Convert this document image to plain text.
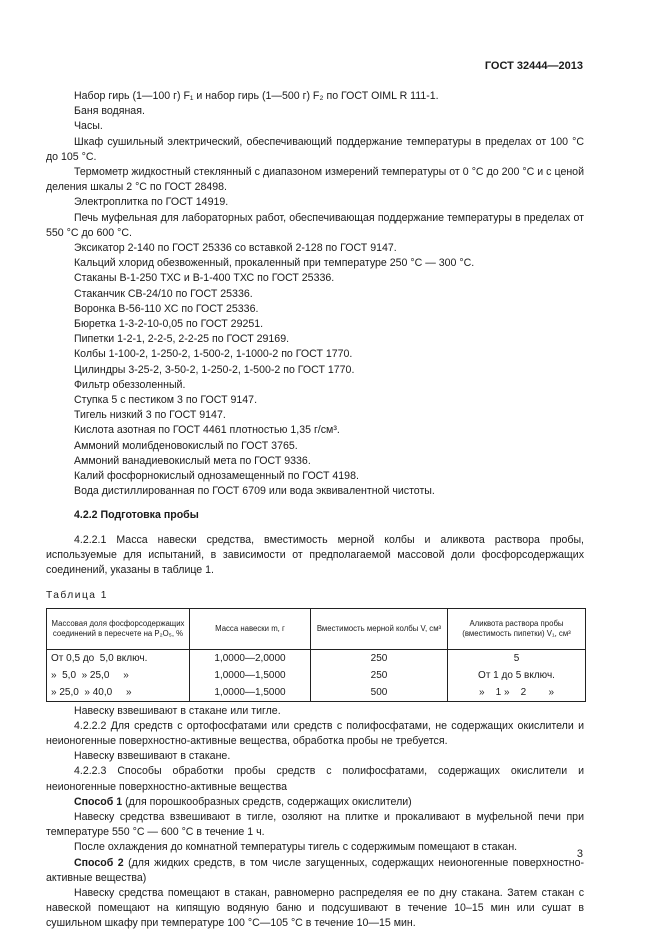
ГОСТ 32444—2013

Набор гирь (1—100 г) F₁ и набор гирь (1—500 г) F₂ по ГОСТ OIML R 111-1.

Баня водяная.

Часы.

Шкаф сушильный электрический, обеспечивающий поддержание температуры в пределах от 100 °С до 105 °С.

Термометр жидкостный стеклянный с диапазоном измерений температуры от 0 °С до 200 °С и с ценой деления шкалы 2 °С по ГОСТ 28498.

Электроплитка по ГОСТ 14919.

Печь муфельная для лабораторных работ, обеспечивающая поддержание температуры в пределах от 550 °С до 600 °С.

Эксикатор 2-140 по ГОСТ 25336 со вставкой 2-128 по ГОСТ 9147.

Кальций хлорид обезвоженный, прокаленный при температуре 250 °С — 300 °С.

Стаканы В-1-250 ТХС и В-1-400 ТХС по ГОСТ 25336.

Стаканчик СВ-24/10 по ГОСТ 25336.

Воронка В-56-110 ХС по ГОСТ 25336.

Бюретка 1-3-2-10-0,05 по ГОСТ 29251.

Пипетки 1-2-1, 2-2-5, 2-2-25 по ГОСТ 29169.

Колбы 1-100-2, 1-250-2, 1-500-2, 1-1000-2 по ГОСТ 1770.

Цилиндры 3-25-2, 3-50-2, 1-250-2, 1-500-2 по ГОСТ 1770.

Фильтр обеззоленный.

Ступка 5 с пестиком 3 по ГОСТ 9147.

Тигель низкий 3 по ГОСТ 9147.

Кислота азотная по ГОСТ 4461 плотностью 1,35 г/см³.

Аммоний молибденовокислый по ГОСТ 3765.

Аммоний ванадиевокислый мета по ГОСТ 9336.

Калий фосфорнокислый однозамещенный по ГОСТ 4198.

Вода дистиллированная по ГОСТ 6709 или вода эквивалентной чистоты.

4.2.2 Подготовка пробы

4.2.2.1 Масса навески средства, вместимость мерной колбы и аликвота раствора пробы, используемые для испытаний, в зависимости от предполагаемой массовой доли фосфорсодержащих соединений, указаны в таблице 1.

Таблица 1
Массовая доля фосфорсодержащих соединений в пересчете на P₂O₅, %	Масса навески m, г	Вместимость мерной колбы V, см³	Аликвота раствора пробы (вместимость пипетки) V₁, см³
От 0,5 до  5,0 включ.	1,0000—2,0000	250	5
»  5,0  » 25,0     »	1,0000—1,5000	250	От 1 до 5 включ.
» 25,0  » 40,0     »	1,0000—1,5000	500	»    1 »    2        »

Навеску взвешивают в стакане или тигле.

4.2.2.2 Для средств с ортофосфатами или средств с полифосфатами, не содержащих окислители и неионогенные поверхностно-активные вещества, обработка пробы не требуется.

Навеску взвешивают в стакане.

4.2.2.3 Способы обработки пробы средств с полифосфатами, содержащих окислители и неионогенные поверхностно-активные вещества

Способ 1 (для порошкообразных средств, содержащих окислители)

Навеску средства взвешивают в тигле, озоляют на плитке и прокаливают в муфельной печи при температуре 550 °С — 600 °С в течение 1 ч.

После охлаждения до комнатной температуры тигель с содержимым помещают в стакан.

Способ 2 (для жидких средств, в том числе загущенных, содержащих неионогенные поверхностно-активные вещества)

Навеску средства помещают в стакан, равномерно распределяя ее по дну стакана. Затем стакан с навеской помещают на кипящую водяную баню и подсушивают в течение 10–15 мин или сушат в сушильном шкафу при температуре 100 °С—105 °С в течение 10—15 мин.

3
